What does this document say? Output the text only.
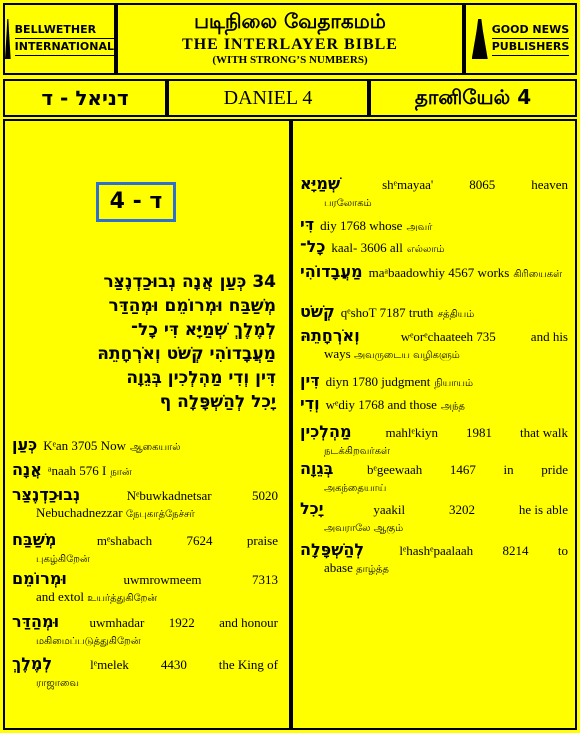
BELLWETHER
INTERNATIONAL
படிநிலை வேதாகமம்
THE INTERLAYER BIBLE
(WITH STRONG’S NUMBERS)
GOOD NEWS
PUBLISHERS
דניאל - ד	DANIEL 4	தானியேல் 4
ד - 4
34 כְּעַן אֲנָה נְבוּכַדְנֶצַּר
מְשַׁבַּח וּמְרוֹמֵם וּמְהַדַּר
לְמֶלֶךְ שְׁמַיָּא דִּי כָל־
מַעֲבָדוֹהִי קְשֹׁט וְאֹרְחָתֵהּ
דִּין וְדִי מַהְלְכִין בְּגֵוָה
יָכִל לְהַשְׁפָּלָה ף
כְּעַן Kᵉan 3705 Now ஆகையால்
אֲנָה ᵃnaah 576 I நான்
נְבוּכַדְנֶצַּר	Nᵉbuwkadnetsar	5020
Nebuchadnezzar நேபுகாத்நேச்சர்
מְשַׁבַּח	mᵉshabach	7624	praise
புகழ்கிறேன்
וּמְרוֹמֵם	uwmrowmeem	7313
and extol உயர்த்துகிறேன்
וּמְהַדַּר uwmhadar 1922 and honour
மகிமைப்படுத்துகிறேன்
לְמֶלֶךְ	lᵉmelek 4430 the King of
ராஜாவை
שְׁמַיָּא	shᵉmayaa'	8065	heaven
பரலோகம்
דִּי diy 1768 whose அவர்
כָל־ kaal- 3606 all எல்லாம்
מַעֲבָדוֹהִי maᵃbaadowhiy 4567 works கிரியைகள்
קְשֹׁט qᵉshoT 7187 truth சத்தியம்
וְאֹרְחָתֵהּ	wᵉorᵉchaateeh 735	and his
ways அவருடைய வழிகளும்
דִּין diyn 1780 judgment நியாயம்
וְדִי wᵉdiy 1768 and those அந்த
מַהְלְכִין	mahlᵉkiyn 1981 that walk
நடக்கிறவர்கள்
בְּגֵוָה	bᵉgeewaah 1467 in pride
அகந்தையாய்
יָכִל	yaakil	3202	he is able
அவராலே ஆகும்
לְהַשְׁפָּלָה	lᵉhashᵉpaalaah 8214 to
abase தாழ்த்த
